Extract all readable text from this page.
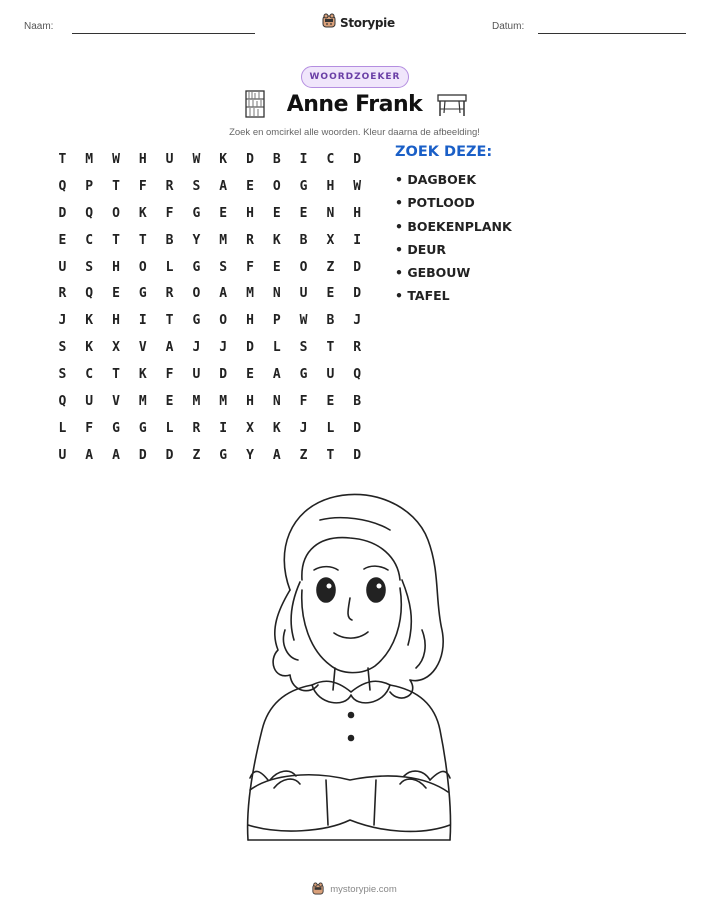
Naam:	Storypie	Datum:
WOORDZOEKER
Anne Frank
Zoek en omcirkel alle woorden. Kleur daarna de afbeelding!
T	M	W	H	U	W	K	D	B	I	C	D
Q	P	T	F	R	S	A	E	O	G	H	W
D	Q	O	K	F	G	E	H	E	E	N	H
E	C	T	T	B	Y	M	R	K	B	X	I
U	S	H	O	L	G	S	F	E	O	Z	D
R	Q	E	G	R	O	A	M	N	U	E	D
J	K	H	I	T	G	O	H	P	W	B	J
S	K	X	V	A	J	J	D	L	S	T	R
S	C	T	K	F	U	D	E	A	G	U	Q
Q	U	V	M	E	M	M	H	N	F	E	B
L	F	G	G	L	R	I	X	K	J	L	D
U	A	A	D	D	Z	G	Y	A	Z	T	D
ZOEK DEZE:
• DAGBOEK
• POTLOOD
• BOEKENPLANK
• DEUR
• GEBOUW
• TAFEL
mystorypie.com
